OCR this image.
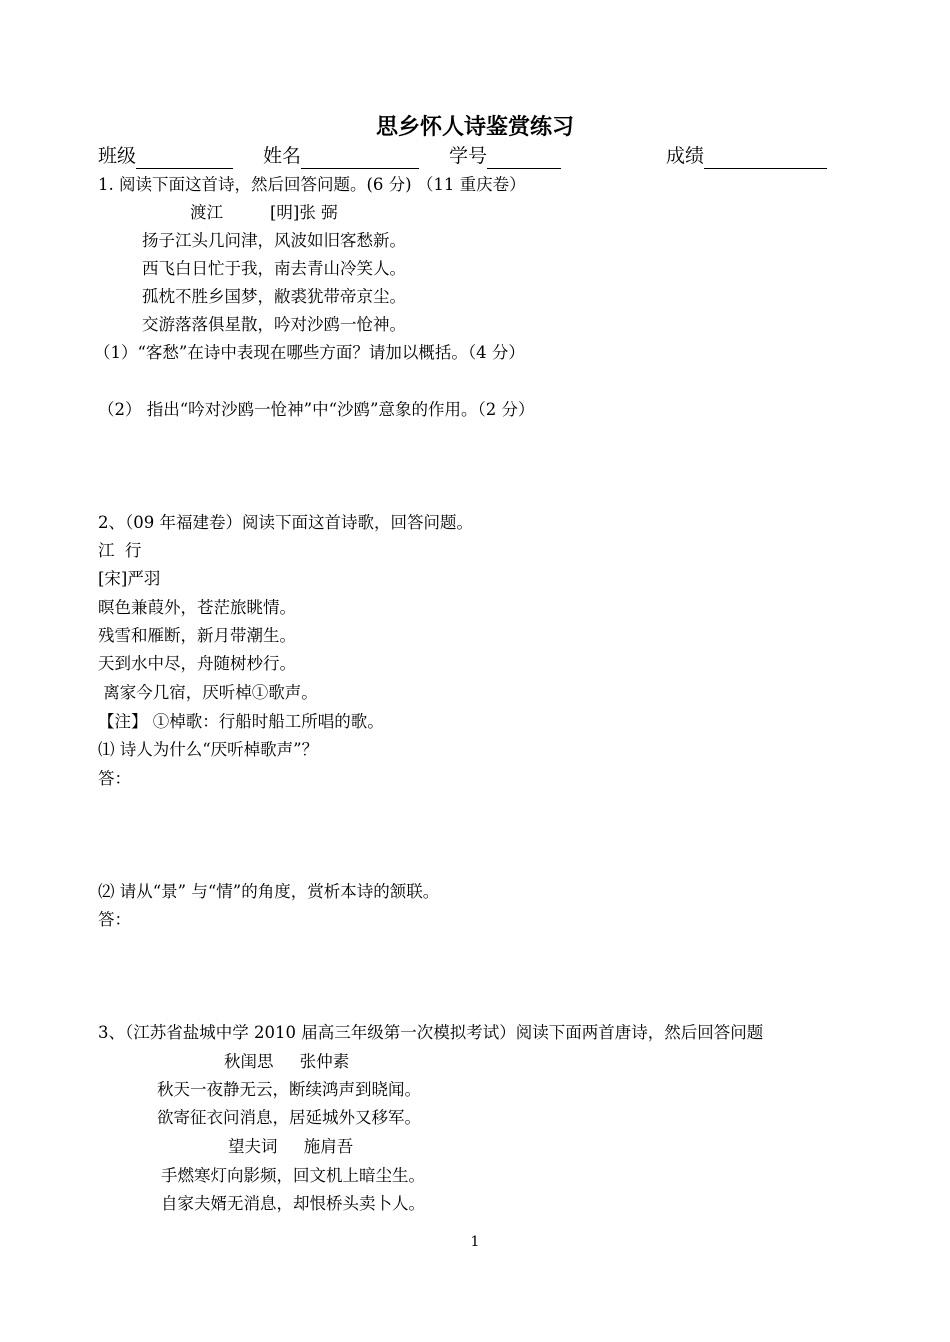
思乡怀人诗鉴赏练习
班级	姓名	学号	成绩
1. 阅读下面这首诗，然后回答问题。(6 分) （11 重庆卷）
渡江	[明]张 弼
扬子江头几问津，风波如旧客愁新。
西飞白日忙于我，南去青山冷笑人。
孤枕不胜乡国梦，敝裘犹带帝京尘。
交游落落俱星散，吟对沙鸥一怆神。
（1）“客愁”在诗中表现在哪些方面？请加以概括。（4 分）
（2） 指出“吟对沙鸥一怆神”中“沙鸥”意象的作用。（2 分）
2、（09 年福建卷）阅读下面这首诗歌，回答问题。
江  行
[宋]严羽
暝色兼葭外，苍茫旅眺情。
残雪和雁断，新月带潮生。
天到水中尽，舟随树杪行。
离家今几宿，厌听棹①歌声。
【注】 ①棹歌：行船时船工所唱的歌。
⑴ 诗人为什么“厌听棹歌声”？
答：
⑵ 请从“景” 与“情”的角度，赏析本诗的颔联。
答：
3、（江苏省盐城中学 2010 届高三年级第一次模拟考试）阅读下面两首唐诗，然后回答问题
秋闺思     张仲素
秋天一夜静无云，断续鸿声到晓闻。
欲寄征衣问消息，居延城外又移军。
望夫词     施肩吾
手燃寒灯向影频，回文机上暗尘生。
自家夫婿无消息，却恨桥头卖卜人。
1
